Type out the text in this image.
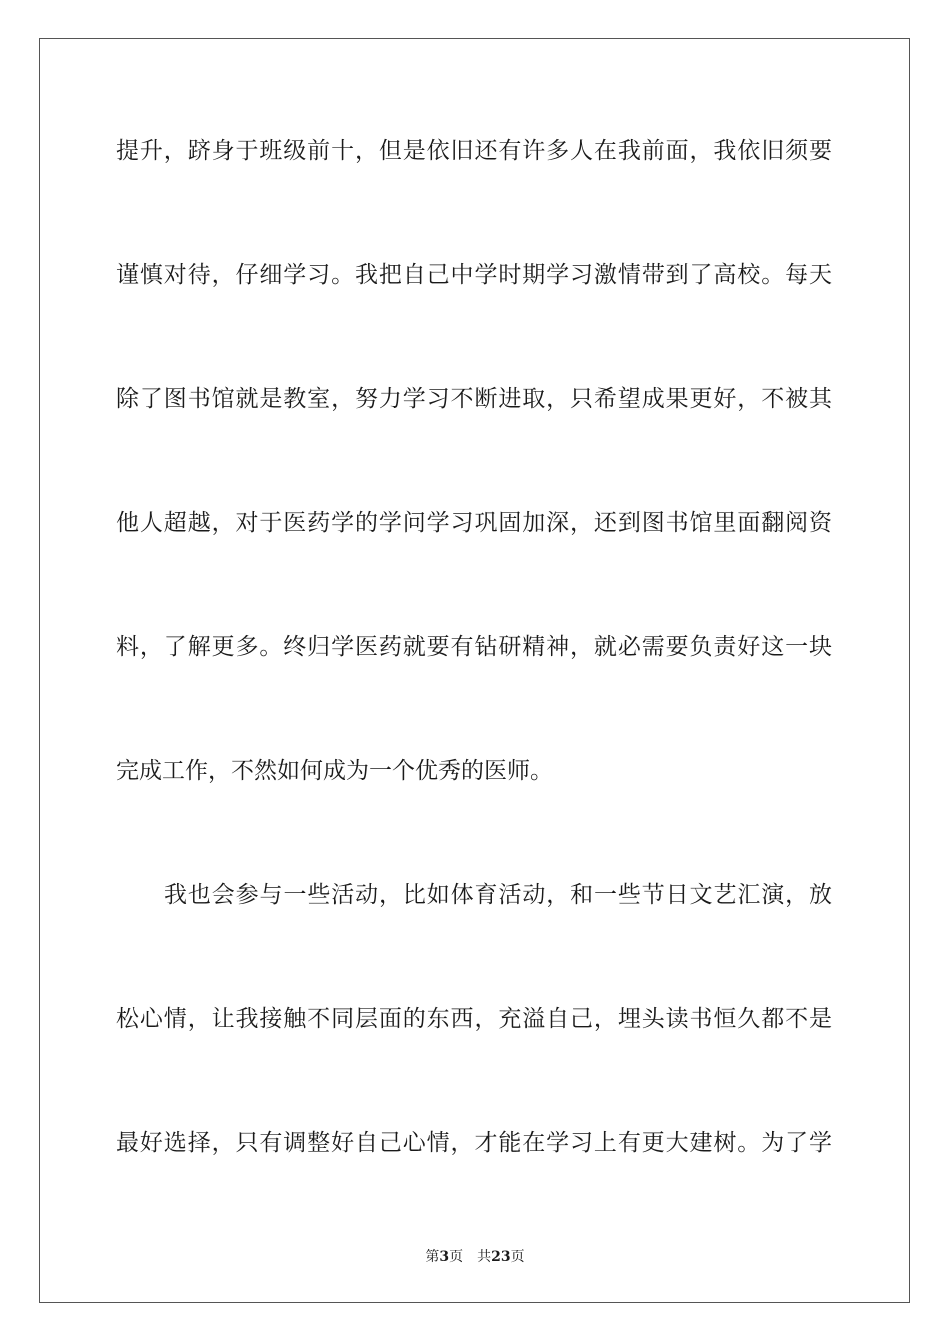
提升，跻身于班级前十，但是依旧还有许多人在我前面，我依旧须要
谨慎对待，仔细学习。我把自己中学时期学习激情带到了高校。每天
除了图书馆就是教室，努力学习不断进取，只希望成果更好，不被其
他人超越，对于医药学的学问学习巩固加深，还到图书馆里面翻阅资
料，了解更多。终归学医药就要有钻研精神，就必需要负责好这一块
完成工作，不然如何成为一个优秀的医师。
我也会参与一些活动，比如体育活动，和一些节日文艺汇演，放
松心情，让我接触不同层面的东西，充溢自己，埋头读书恒久都不是
最好选择，只有调整好自己心情，才能在学习上有更大建树。为了学
第3页 共23页
